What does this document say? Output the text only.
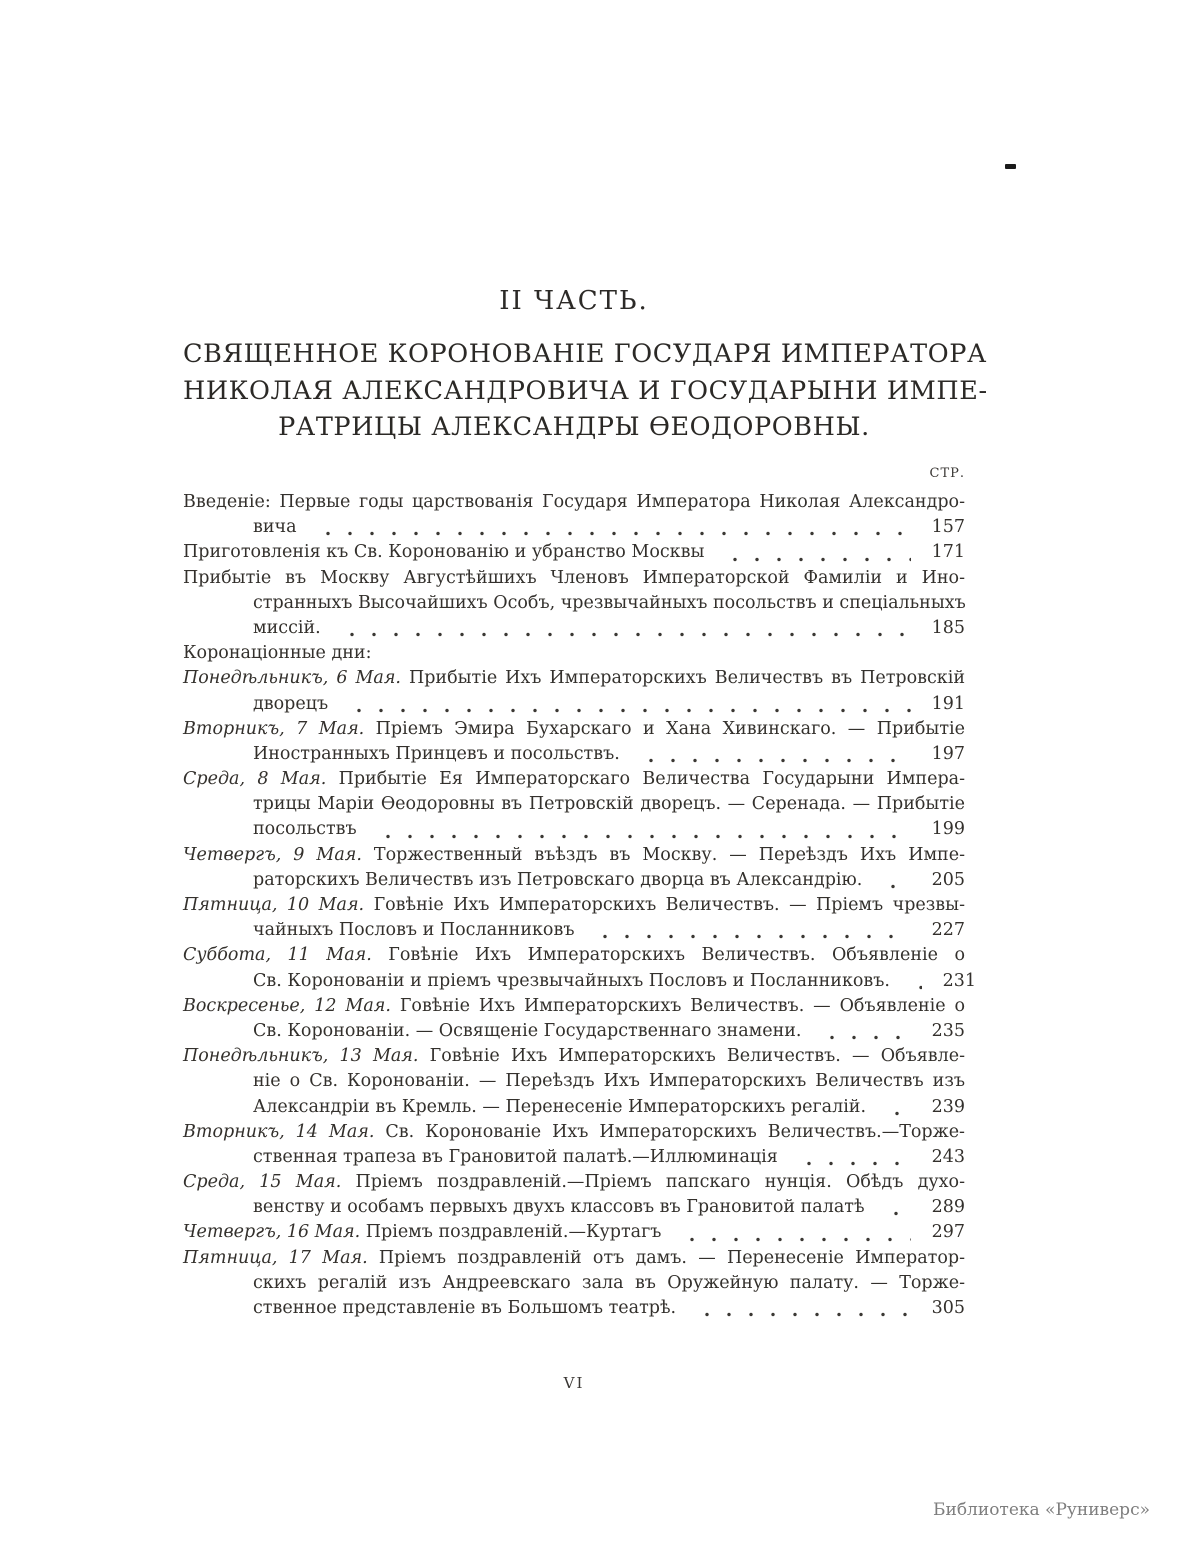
II ЧАСТЬ.
СВЯЩЕННОЕ КОРОНОВАНІЕ ГОСУДАРЯ ИМПЕРАТОРА
НИКОЛАЯ АЛЕКСАНДРОВИЧА И ГОСУДАРЫНИ ИМПЕ-
РАТРИЦЫ АЛЕКСАНДРЫ ѲЕОДОРОВНЫ.
СТР.
Введеніе: Первые годы царствованія Государя Императора Николая Александро-
вича	157
Приготовленія къ Св. Коронованію и убранство Москвы	171
Прибытіе въ Москву Августѣйшихъ Членовъ Императорской Фамиліи и Ино-
странныхъ Высочайшихъ Особъ, чрезвычайныхъ посольствъ и спеціальныхъ
миссій.	185
Коронаціонные дни:
Понедѣльникъ, 6 Мая. Прибытіе Ихъ Императорскихъ Величествъ въ Петровскій
дворецъ	191
Вторникъ, 7 Мая. Пріемъ Эмира Бухарскаго и Хана Хивинскаго. — Прибытіе
Иностранныхъ Принцевъ и посольствъ.	197
Среда, 8 Мая. Прибытіе Ея Императорскаго Величества Государыни Импера-
трицы Маріи Ѳеодоровны въ Петровскій дворецъ. — Серенада. — Прибытіе
посольствъ	199
Четвергъ, 9 Мая. Торжественный въѣздъ въ Москву. — Переѣздъ Ихъ Импе-
раторскихъ Величествъ изъ Петровскаго дворца въ Александрію.	205
Пятница, 10 Мая. Говѣніе Ихъ Императорскихъ Величествъ. — Пріемъ чрезвы-
чайныхъ Пословъ и Посланниковъ	227
Суббота, 11 Мая. Говѣніе Ихъ Императорскихъ Величествъ. Объявленіе о
Св. Коронованіи и пріемъ чрезвычайныхъ Пословъ и Посланниковъ.	231
Воскресенье, 12 Мая. Говѣніе Ихъ Императорскихъ Величествъ. — Объявленіе о
Св. Коронованіи. — Освященіе Государственнаго знамени.	235
Понедѣльникъ, 13 Мая. Говѣніе Ихъ Императорскихъ Величествъ. — Объявле-
ніе о Св. Коронованіи. — Переѣздъ Ихъ Императорскихъ Величествъ изъ
Александріи въ Кремль. — Перенесеніе Императорскихъ регалій.	239
Вторникъ, 14 Мая. Св. Коронованіе Ихъ Императорскихъ Величествъ.—Торже-
ственная трапеза въ Грановитой палатѣ.—Иллюминація	243
Среда, 15 Мая. Пріемъ поздравленій.—Пріемъ папскаго нунція. Обѣдъ духо-
венству и особамъ первыхъ двухъ классовъ въ Грановитой палатѣ	289
Четвергъ, 16 Мая. Пріемъ поздравленій.—Куртагъ	297
Пятница, 17 Мая. Пріемъ поздравленій отъ дамъ. — Перенесеніе Император-
скихъ регалій изъ Андреевскаго зала въ Оружейную палату. — Торже-
ственное представленіе въ Большомъ театрѣ.	305
VI
Библиотека «Руниверс»
